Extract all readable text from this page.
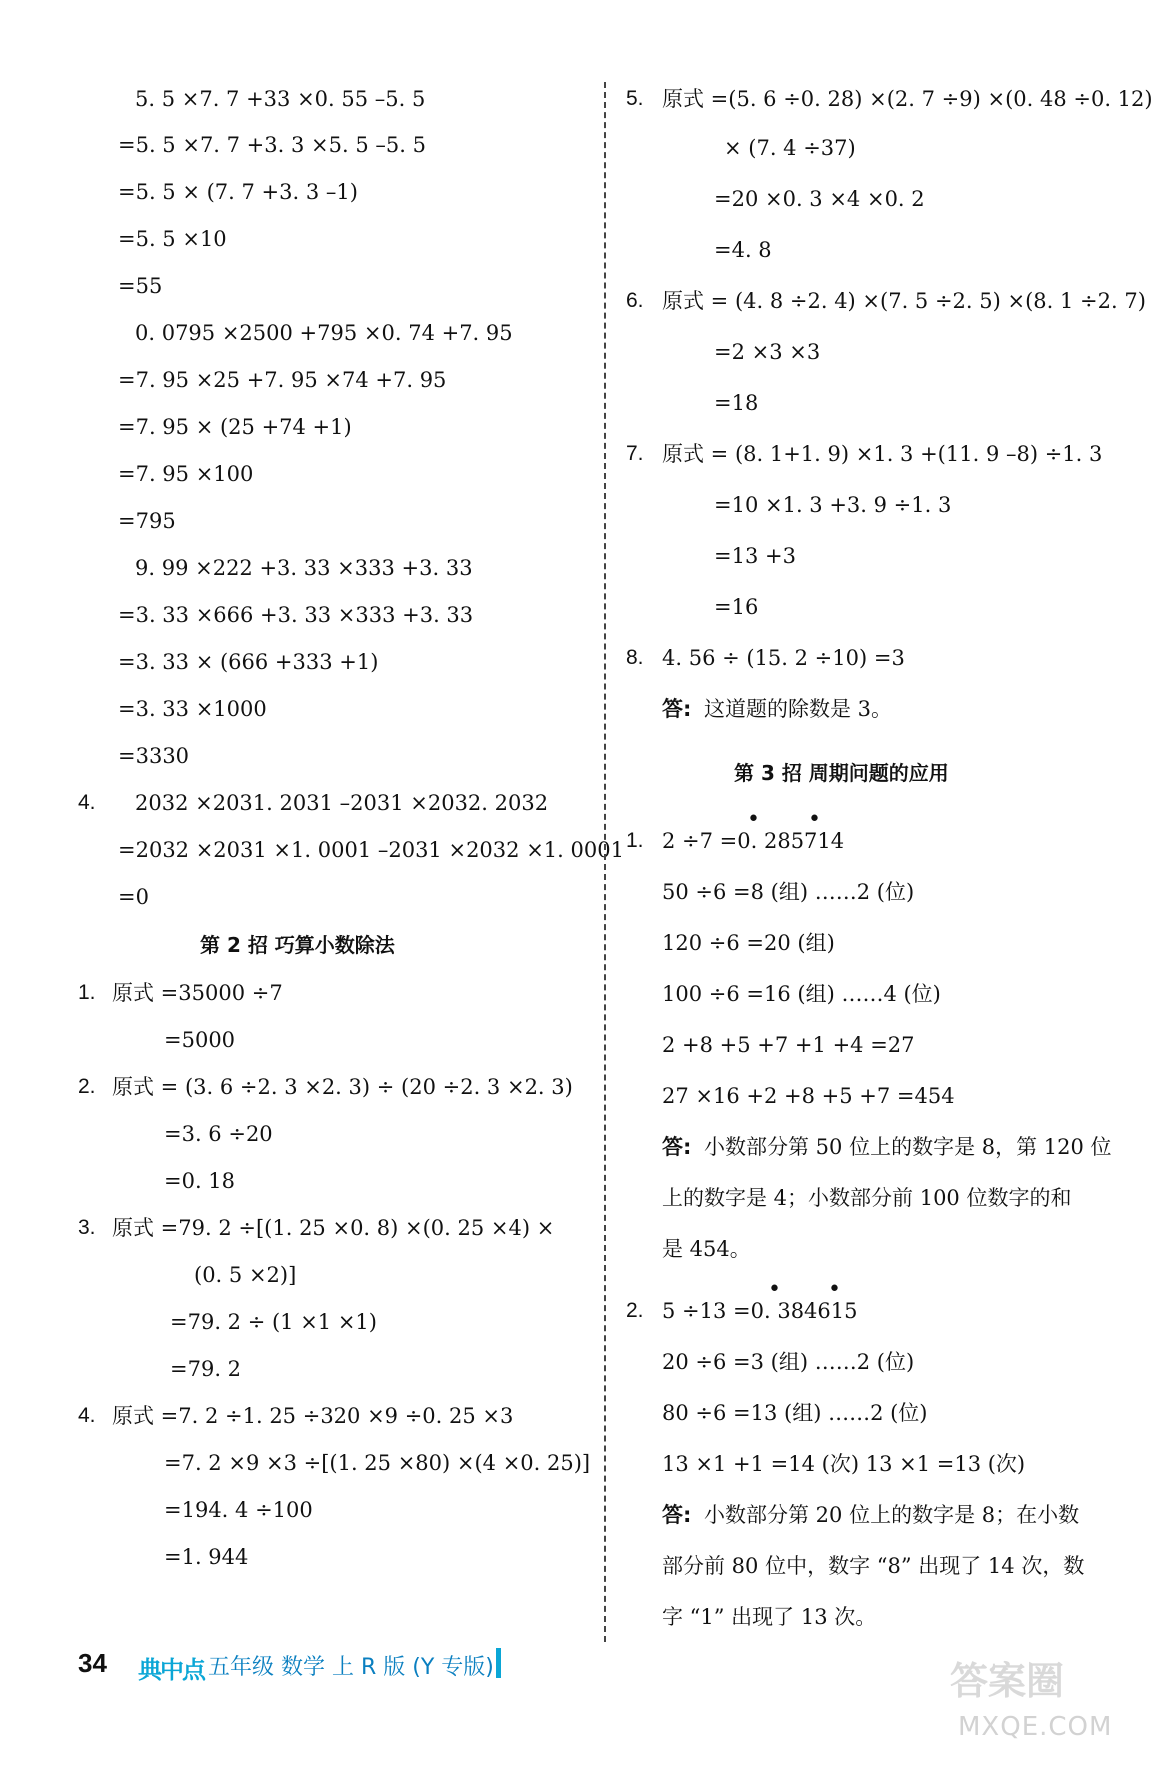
5. 5 ×7. 7 +33 ×0. 55 –5. 5
=5. 5 ×7. 7 +3. 3 ×5. 5 –5. 5
=5. 5 × (7. 7 +3. 3 –1)
=5. 5 ×10
=55
0. 0795 ×2500 +795 ×0. 74 +7. 95
=7. 95 ×25 +7. 95 ×74 +7. 95
=7. 95 × (25 +74 +1)
=7. 95 ×100
=795
9. 99 ×222 +3. 33 ×333 +3. 33
=3. 33 ×666 +3. 33 ×333 +3. 33
=3. 33 × (666 +333 +1)
=3. 33 ×1000
=3330
4. 2032 ×2031. 2031 –2031 ×2032. 2032
=2032 ×2031 ×1. 0001 –2031 ×2032 ×1. 0001
=0
第 2 招 巧算小数除法
1. 原式 =35000 ÷7
=5000
2. 原式 = (3. 6 ÷2. 3 ×2. 3) ÷ (20 ÷2. 3 ×2. 3)
=3. 6 ÷20
=0. 18
3. 原式 =79. 2 ÷[(1. 25 ×0. 8) ×(0. 25 ×4) ×
(0. 5 ×2)]
=79. 2 ÷ (1 ×1 ×1)
=79. 2
4. 原式 =7. 2 ÷1. 25 ÷320 ×9 ÷0. 25 ×3
=7. 2 ×9 ×3 ÷[(1. 25 ×80) ×(4 ×0. 25)]
=194. 4 ÷100
=1. 944
5. 原式 =(5. 6 ÷0. 28) ×(2. 7 ÷9) ×(0. 48 ÷0. 12)
× (7. 4 ÷37)
=20 ×0. 3 ×4 ×0. 2
=4. 8
6. 原式 = (4. 8 ÷2. 4) ×(7. 5 ÷2. 5) ×(8. 1 ÷2. 7)
=2 ×3 ×3
=18
7. 原式 = (8. 1+1. 9) ×1. 3 +(11. 9 –8) ÷1. 3
=10 ×1. 3 +3. 9 ÷1. 3
=13 +3
=16
8. 4. 56 ÷ (15. 2 ÷10) =3
答: 这道题的除数是 3。
第 3 招 周期问题的应用
1. 2 ÷7 =0. 285714
• •
50 ÷6 =8 (组) ……2 (位)
120 ÷6 =20 (组)
100 ÷6 =16 (组) ……4 (位)
2 +8 +5 +7 +1 +4 =27
27 ×16 +2 +8 +5 +7 =454
答: 小数部分第 50 位上的数字是 8，第 120 位
上的数字是 4；小数部分前 100 位数字的和
是 454。
2. 5 ÷13 =0. 384615
• •
20 ÷6 =3 (组) ……2 (位)
80 ÷6 =13 (组) ……2 (位)
13 ×1 +1 =14 (次) 13 ×1 =13 (次)
答: 小数部分第 20 位上的数字是 8；在小数
部分前 80 位中，数字 “8” 出现了 14 次，数
字 “1” 出现了 13 次。
34 典中点 五年级 数学 上 R 版 (Y 专版)	答案圈
MXQE.COM
